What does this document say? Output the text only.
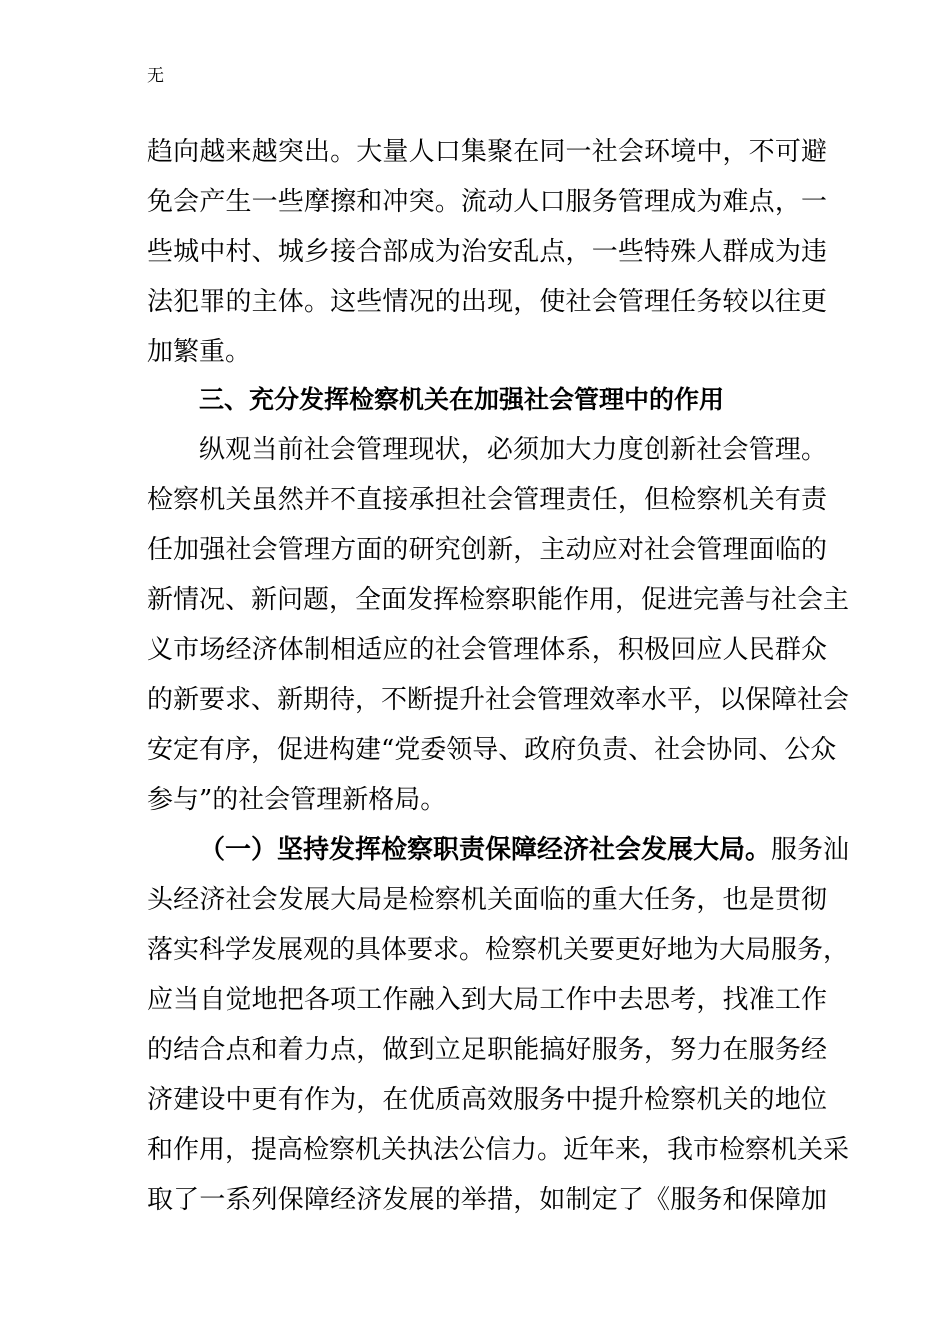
无
趋向越来越突出。大量人口集聚在同一社会环境中，不可避
免会产生一些摩擦和冲突。流动人口服务管理成为难点，一
些城中村、城乡接合部成为治安乱点，一些特殊人群成为违
法犯罪的主体。这些情况的出现，使社会管理任务较以往更
加繁重。
三、充分发挥检察机关在加强社会管理中的作用
纵观当前社会管理现状，必须加大力度创新社会管理。
检察机关虽然并不直接承担社会管理责任，但检察机关有责
任加强社会管理方面的研究创新，主动应对社会管理面临的
新情况、新问题，全面发挥检察职能作用，促进完善与社会主
义市场经济体制相适应的社会管理体系，积极回应人民群众
的新要求、新期待，不断提升社会管理效率水平，以保障社会
安定有序，促进构建“党委领导、政府负责、社会协同、公众
参与”的社会管理新格局。
（一）坚持发挥检察职责保障经济社会发展大局。服务汕
头经济社会发展大局是检察机关面临的重大任务，也是贯彻
落实科学发展观的具体要求。检察机关要更好地为大局服务，
应当自觉地把各项工作融入到大局工作中去思考，找准工作
的结合点和着力点，做到立足职能搞好服务，努力在服务经
济建设中更有作为，在优质高效服务中提升检察机关的地位
和作用，提高检察机关执法公信力。近年来，我市检察机关采
取了一系列保障经济发展的举措，如制定了《服务和保障加
